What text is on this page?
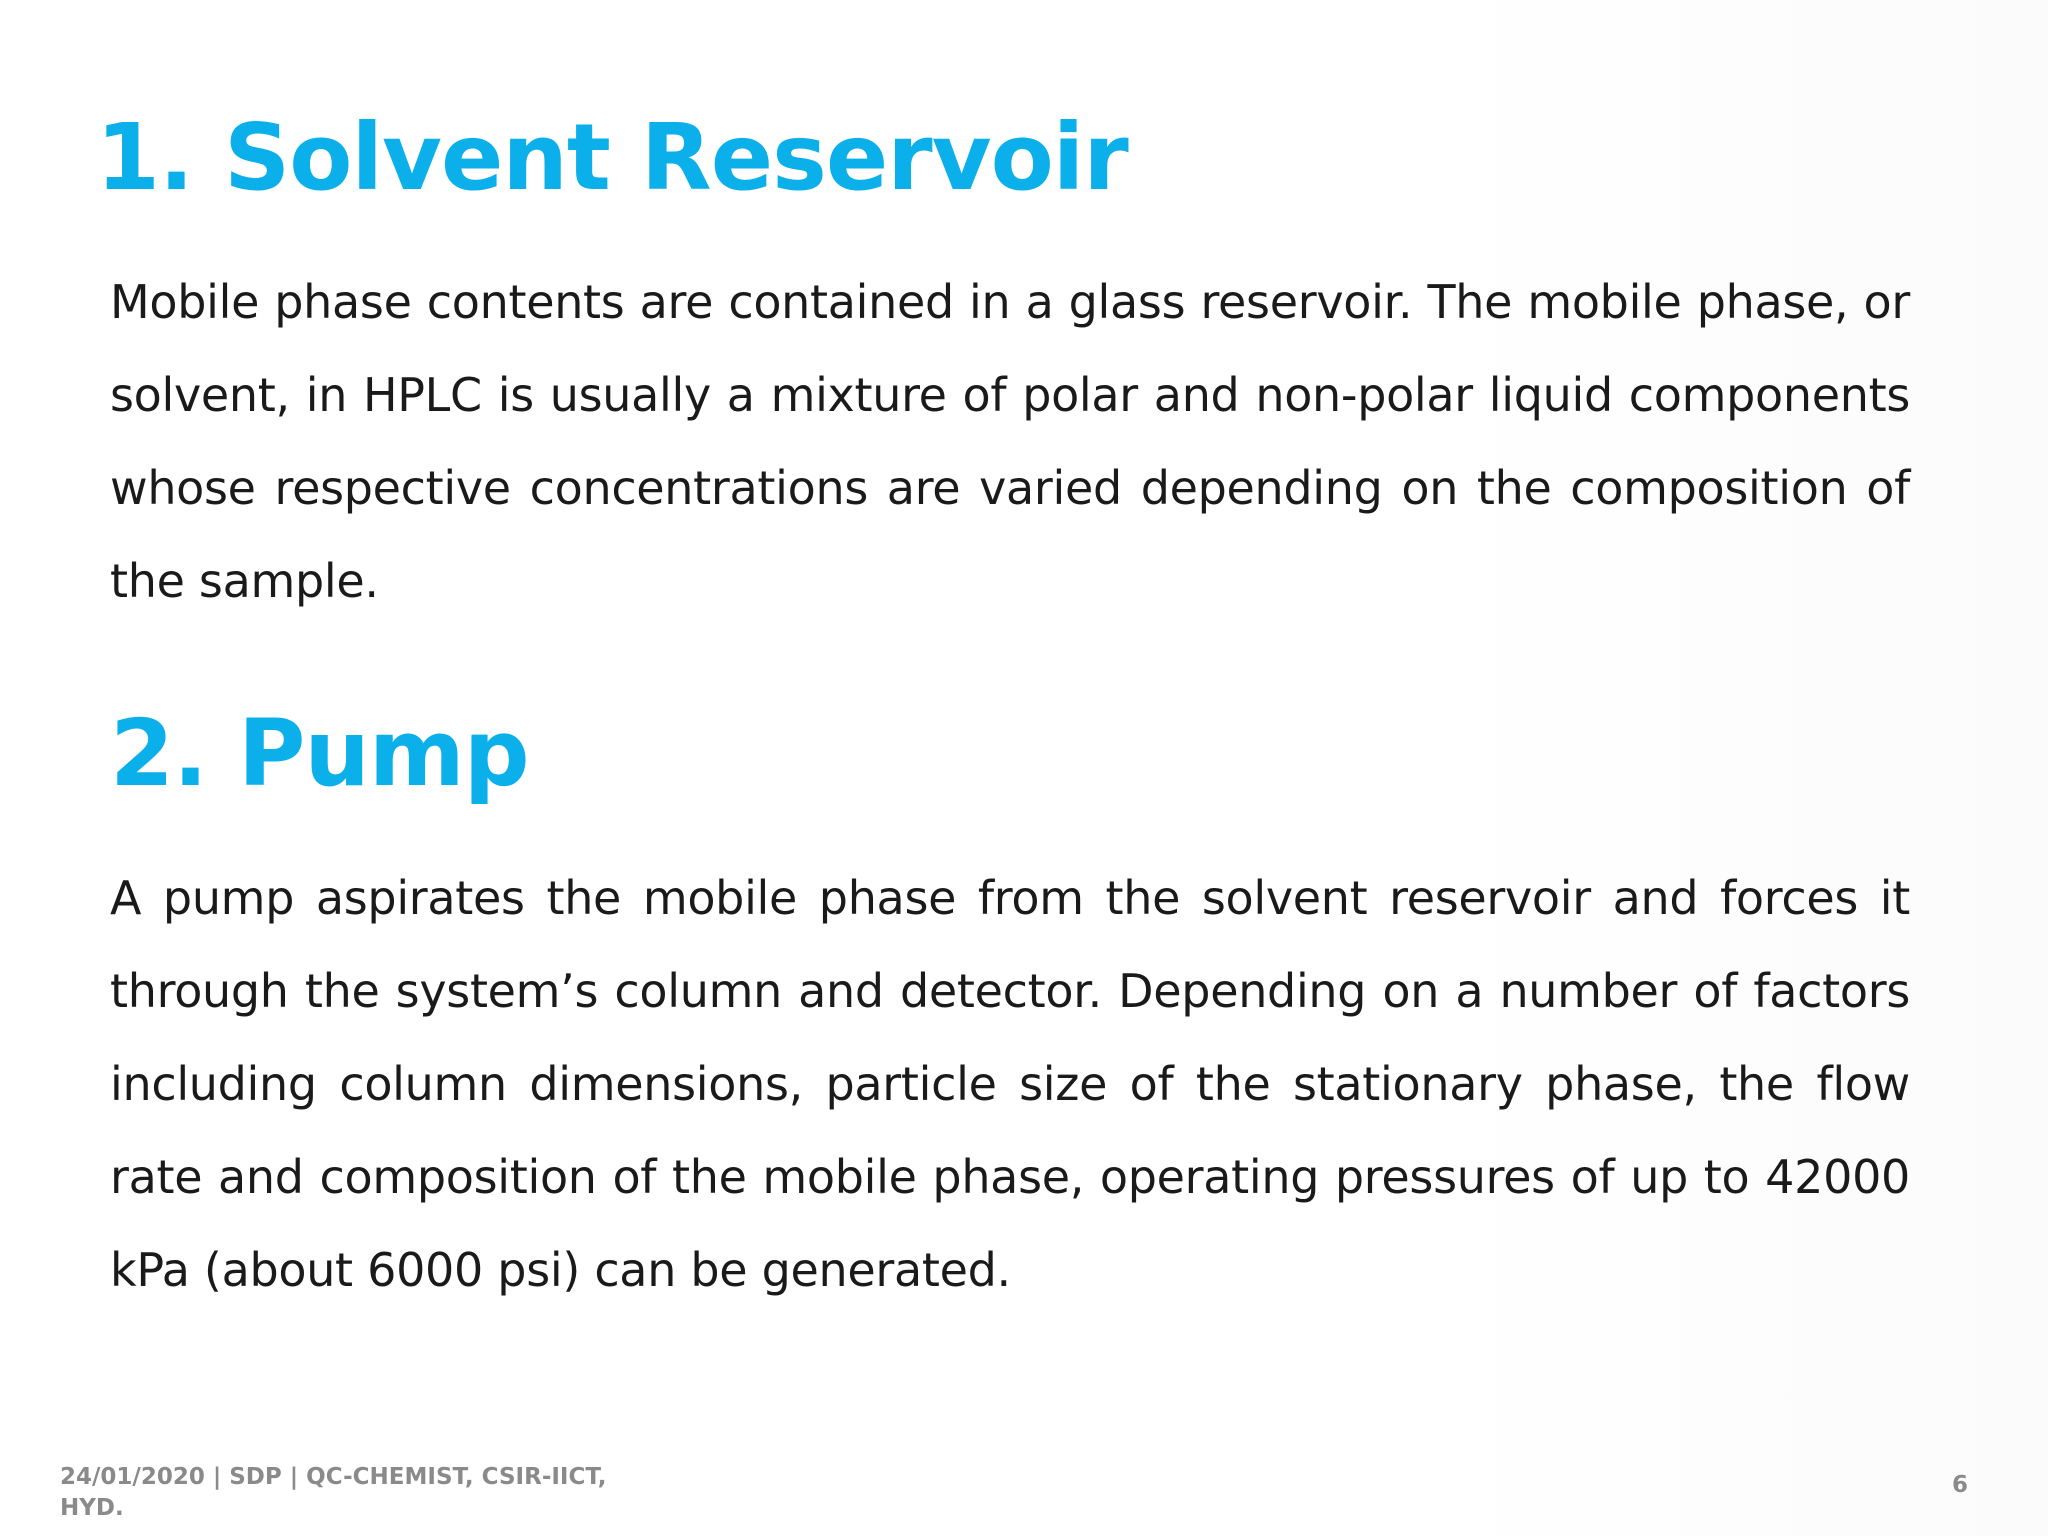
1. Solvent Reservoir

Mobile phase contents are contained in a glass reservoir. The mobile phase, or solvent, in HPLC is usually a mixture of polar and non-polar liquid components whose respective concentrations are varied depending on the composition of the sample.

2. Pump

A pump aspirates the mobile phase from the solvent reservoir and forces it through the system’s column and detector. Depending on a number of factors including column dimensions, particle size of the stationary phase, the flow rate and composition of the mobile phase, operating pressures of up to 42000 kPa (about 6000 psi) can be generated.

24/01/2020 | SDP | QC-CHEMIST, CSIR-IICT, HYD.
6
